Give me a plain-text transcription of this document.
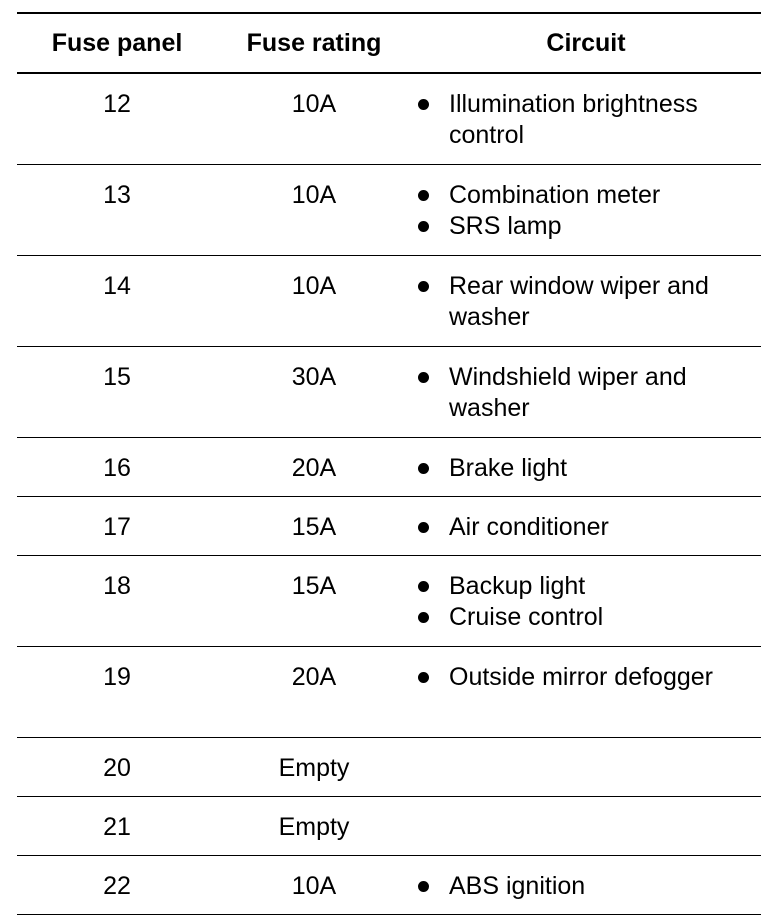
Fuse panel	Fuse rating	Circuit
12	10A	Illumination brightness control
13	10A	Combination meter
SRS lamp
14	10A	Rear window wiper and washer
15	30A	Windshield wiper and washer
16	20A	Brake light
17	15A	Air conditioner
18	15A	Backup light
Cruise control
19	20A	Outside mirror defogger
20	Empty
21	Empty
22	10A	ABS ignition
